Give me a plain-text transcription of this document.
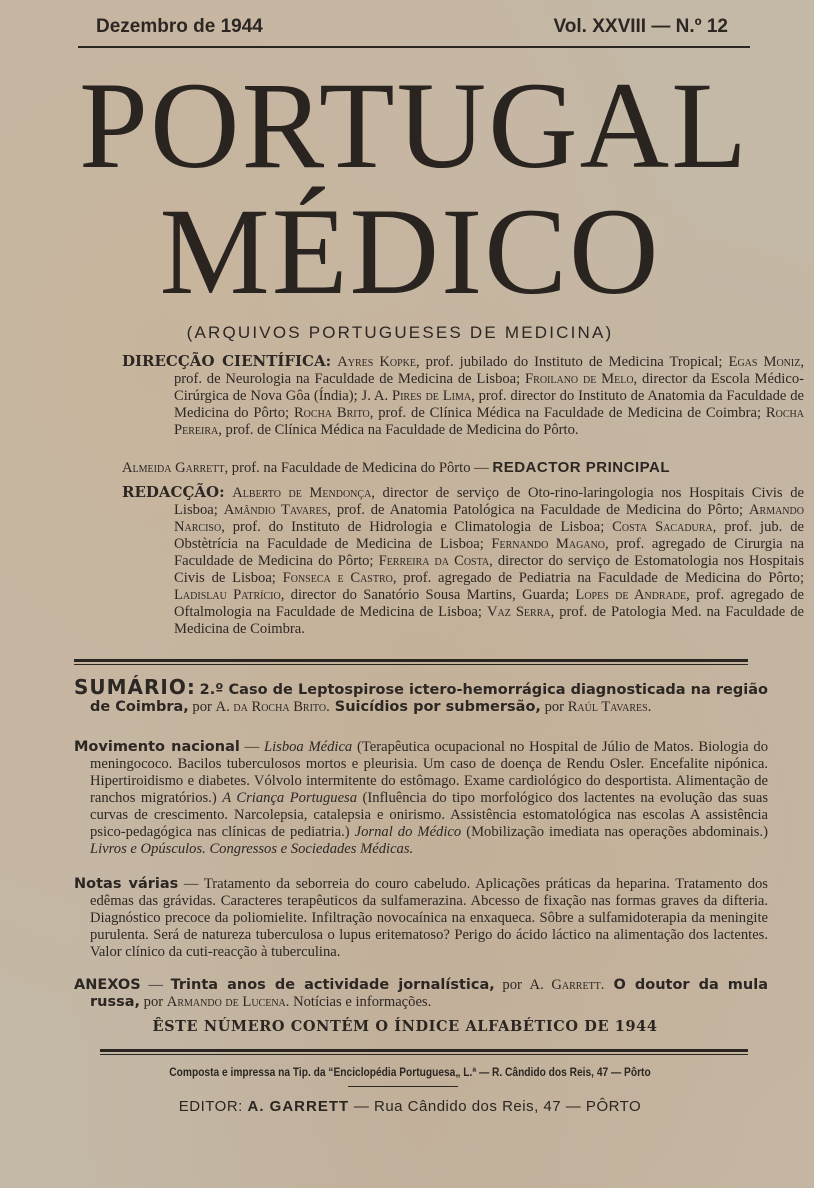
Dezembro de 1944	Vol. XXVIII — N.º 12
PORTUGAL
MÉDICO
(ARQUIVOS PORTUGUESES DE MEDICINA)
DIRECÇÃO CIENTÍFICA: Ayres Kopke, prof. jubilado do Instituto de Medicina Tropical; Egas Moniz, prof. de Neurologia na Faculdade de Medicina de Lisboa; Froilano de Melo, director da Escola Médico-Cirúrgica de Nova Gôa (Índia); J. A. Pires de Lima, prof. director do Instituto de Anatomia da Faculdade de Medicina do Pôrto; Rocha Brito, prof. de Clínica Médica na Faculdade de Medicina de Coimbra; Rocha Pereira, prof. de Clínica Médica na Faculdade de Medicina do Pôrto.
Almeida Garrett, prof. na Faculdade de Medicina do Pôrto — REDACTOR PRINCIPAL
REDACÇÃO: Alberto de Mendonça, director de serviço de Oto-rino-laringologia nos Hospitais Civis de Lisboa; Amândio Tavares, prof. de Anatomia Patológica na Faculdade de Medicina do Pôrto; Armando Narciso, prof. do Instituto de Hidrologia e Climatologia de Lisboa; Costa Sacadura, prof. jub. de Obstètrícia na Faculdade de Medicina de Lisboa; Fernando Magano, prof. agregado de Cirurgia na Faculdade de Medicina do Pôrto; Ferreira da Costa, director do serviço de Estomatologia nos Hospitais Civis de Lisboa; Fonseca e Castro, prof. agregado de Pediatria na Faculdade de Medicina do Pôrto; Ladislau Patrício, director do Sanatório Sousa Martins, Guarda; Lopes de Andrade, prof. agregado de Oftalmologia na Faculdade de Medicina de Lisboa; Vaz Serra, prof. de Patologia Med. na Faculdade de Medicina de Coimbra.
SUMÁRIO: 2.º Caso de Leptospirose ictero-hemorrágica diagnosticada na região de Coimbra, por A. da Rocha Brito. Suicídios por submersão, por Raúl Tavares.
Movimento nacional — Lisboa Médica (Terapêutica ocupacional no Hospital de Júlio de Matos. Biologia do meningococo. Bacilos tuberculosos mortos e pleurisia. Um caso de doença de Rendu Osler. Encefalite nipónica. Hipertiroidismo e diabetes. Vólvolo intermitente do estômago. Exame cardiológico do desportista. Alimentação de ranchos migratórios.) A Criança Portuguesa (Influência do tipo morfológico dos lactentes na evolução das suas curvas de crescimento. Narcolepsia, catalepsia e onirismo. Assistência estomatológica nas escolas A assistência psico-pedagógica nas clínicas de pediatria.) Jornal do Médico (Mobilização imediata nas operações abdominais.) Livros e Opúsculos. Congressos e Sociedades Médicas.
Notas várias — Tratamento da seborreia do couro cabeludo. Aplicações práticas da heparina. Tratamento dos edêmas das grávidas. Caracteres terapêuticos da sulfamerazina. Abcesso de fixação nas formas graves da difteria. Diagnóstico precoce da poliomielite. Infiltração novocaínica na enxaqueca. Sôbre a sulfamidoterapia da meningite purulenta. Será de natureza tuberculosa o lupus eritematoso? Perigo do ácido láctico na alimentação dos lactentes. Valor clínico da cuti-reacção à tuberculina.
ANEXOS — Trinta anos de actividade jornalística, por A. Garrett. O doutor da mula russa, por Armando de Lucena. Notícias e informações.
ÊSTE NÚMERO CONTÉM O ÍNDICE ALFABÉTICO DE 1944
Composta e impressa na Tip. da “Enciclopédia Portuguesa„ L.ª — R. Cândido dos Reis, 47 — Pôrto
EDITOR: A. GARRETT — Rua Cândido dos Reis, 47 — PÔRTO
